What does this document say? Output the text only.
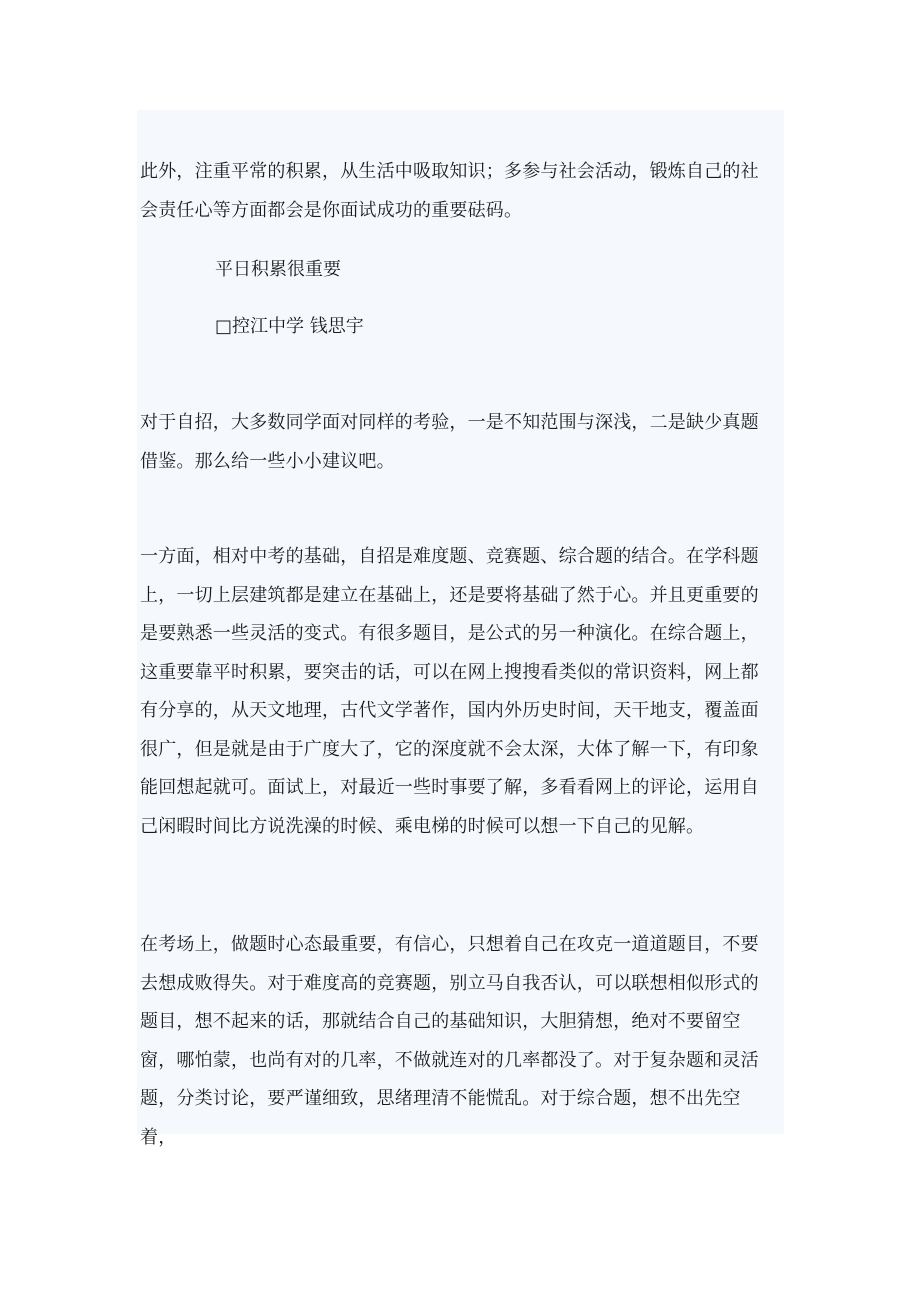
此外，注重平常的积累，从生活中吸取知识；多参与社会活动，锻炼自己的社会责任心等方面都会是你面试成功的重要砝码。

平日积累很重要

□控江中学 钱思宇

对于自招，大多数同学面对同样的考验，一是不知范围与深浅，二是缺少真题借鉴。那么给一些小小建议吧。

一方面，相对中考的基础，自招是难度题、竞赛题、综合题的结合。在学科题上，一切上层建筑都是建立在基础上，还是要将基础了然于心。并且更重要的是要熟悉一些灵活的变式。有很多题目，是公式的另一种演化。在综合题上，这重要靠平时积累，要突击的话，可以在网上搜搜看类似的常识资料，网上都有分享的，从天文地理，古代文学著作，国内外历史时间，天干地支，覆盖面很广，但是就是由于广度大了，它的深度就不会太深，大体了解一下，有印象能回想起就可。面试上，对最近一些时事要了解，多看看网上的评论，运用自己闲暇时间比方说洗澡的时候、乘电梯的时候可以想一下自己的见解。

在考场上，做题时心态最重要，有信心，只想着自己在攻克一道道题目，不要去想成败得失。对于难度高的竞赛题，别立马自我否认，可以联想相似形式的题目，想不起来的话，那就结合自己的基础知识，大胆猜想，绝对不要留空窗，哪怕蒙，也尚有对的几率，不做就连对的几率都没了。对于复杂题和灵活题，分类讨论，要严谨细致，思绪理清不能慌乱。对于综合题，想不出先空着，
